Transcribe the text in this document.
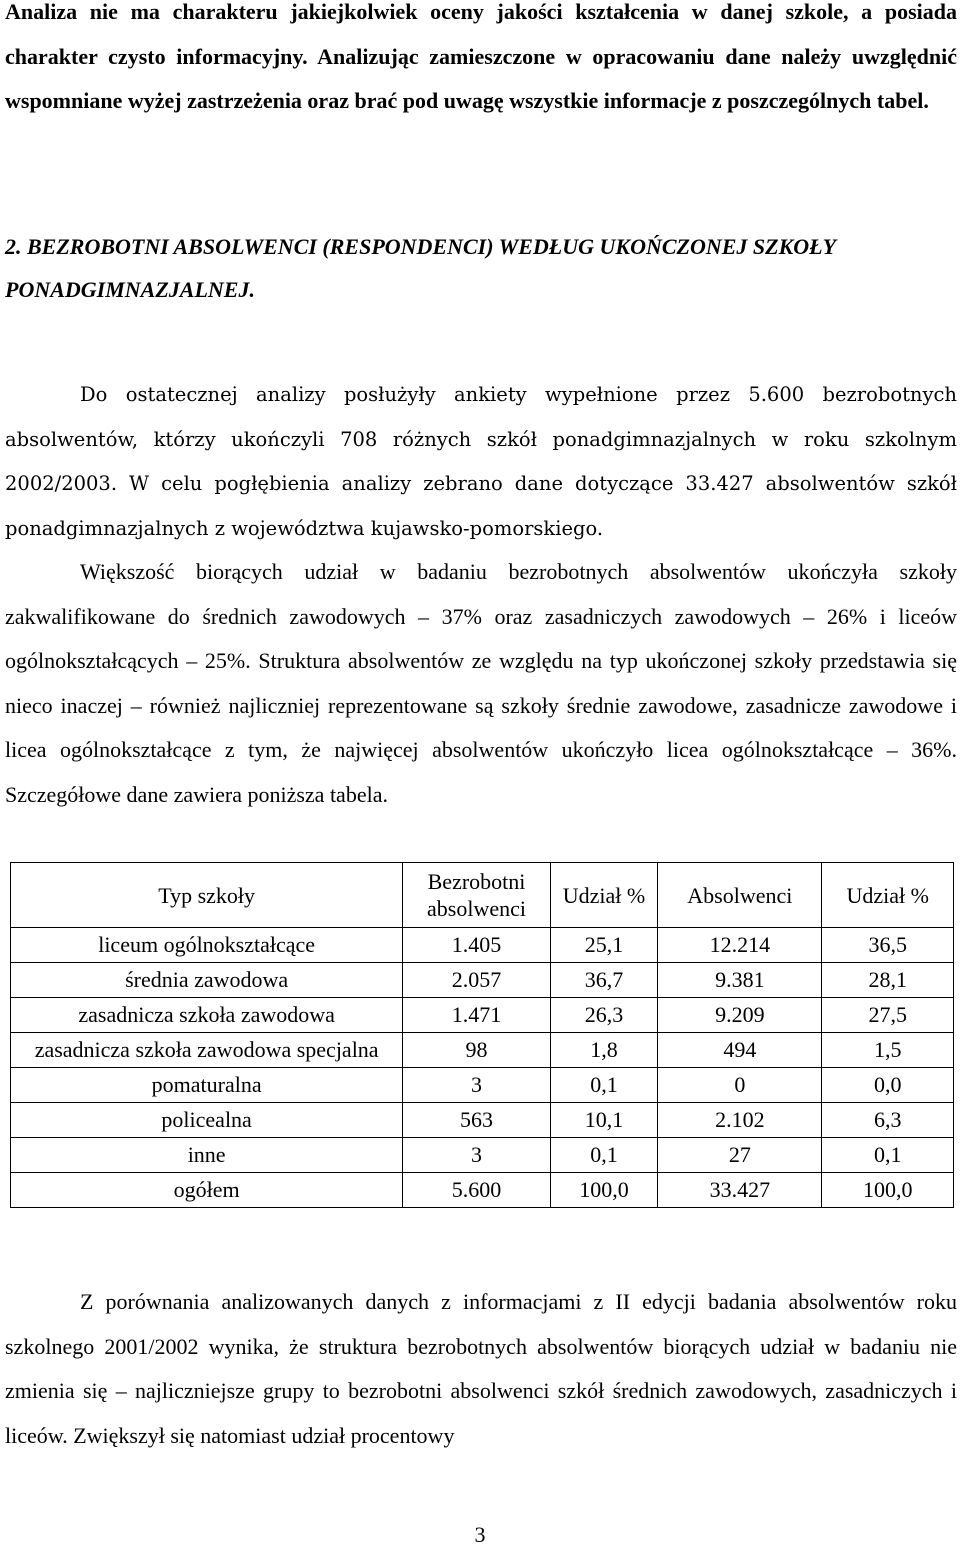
Analiza nie ma charakteru jakiejkolwiek oceny jakości kształcenia w danej szkole, a posiada charakter czysto informacyjny. Analizując zamieszczone w opracowaniu dane należy uwzględnić wspomniane wyżej zastrzeżenia oraz brać pod uwagę wszystkie informacje z poszczególnych tabel.

2. BEZROBOTNI ABSOLWENCI (RESPONDENCI) WEDŁUG UKOŃCZONEJ SZKOŁY PONADGIMNAZJALNEJ.

Do ostatecznej analizy posłużyły ankiety wypełnione przez 5.600 bezrobotnych absolwentów, którzy ukończyli 708 różnych szkół ponadgimnazjalnych w roku szkolnym 2002/2003. W celu pogłębienia analizy zebrano dane dotyczące 33.427 absolwentów szkół ponadgimnazjalnych z województwa kujawsko-pomorskiego.

Większość biorących udział w badaniu bezrobotnych absolwentów ukończyła szkoły zakwalifikowane do średnich zawodowych – 37% oraz zasadniczych zawodowych – 26% i liceów ogólnokształcących – 25%. Struktura absolwentów ze względu na typ ukończonej szkoły przedstawia się nieco inaczej – również najliczniej reprezentowane są szkoły średnie zawodowe, zasadnicze zawodowe i licea ogólnokształcące z tym, że najwięcej absolwentów ukończyło licea ogólnokształcące – 36%. Szczegółowe dane zawiera poniższa tabela.

Typ szkoły	Bezrobotni absolwenci	Udział %	Absolwenci	Udział %
liceum ogólnokształcące	1.405	25,1	12.214	36,5
średnia zawodowa	2.057	36,7	9.381	28,1
zasadnicza szkoła zawodowa	1.471	26,3	9.209	27,5
zasadnicza szkoła zawodowa specjalna	98	1,8	494	1,5
pomaturalna	3	0,1	0	0,0
policealna	563	10,1	2.102	6,3
inne	3	0,1	27	0,1
ogółem	5.600	100,0	33.427	100,0

Z porównania analizowanych danych z informacjami z II edycji badania absolwentów roku szkolnego 2001/2002 wynika, że struktura bezrobotnych absolwentów biorących udział w badaniu nie zmienia się – najliczniejsze grupy to bezrobotni absolwenci szkół średnich zawodowych, zasadniczych i liceów. Zwiększył się natomiast udział procentowy

3
